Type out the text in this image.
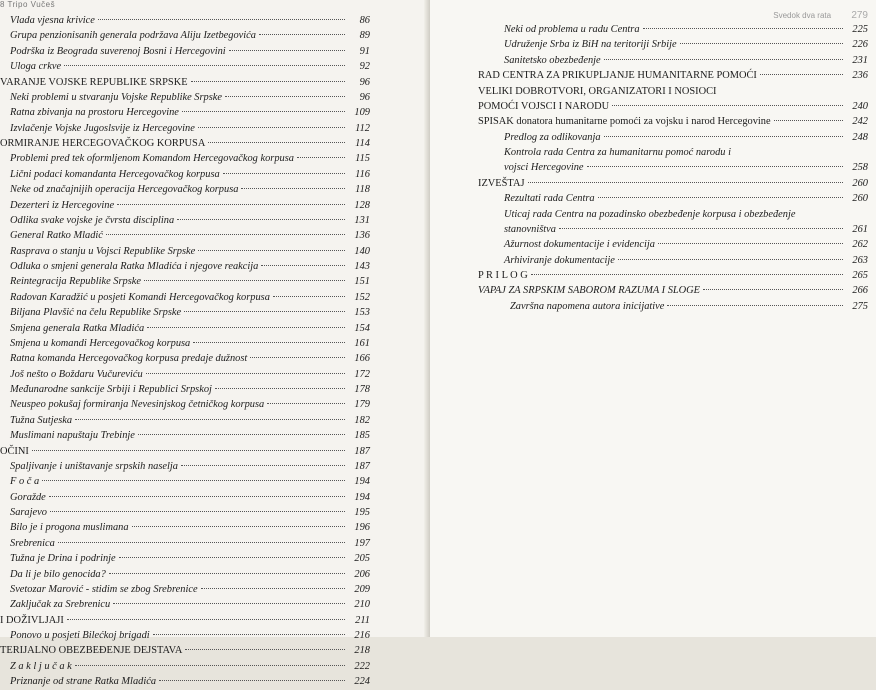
8 Tripo Vučeš
Vlada vjesna krivice	86
Grupa penzionisanih generala podržava Aliju Izetbegovića	89
Podrška iz Beograda suverenoj Bosni i Hercegovini	91
Uloga crkve	92
VARANJE VOJSKE REPUBLIKE SRPSKE	96
Neki problemi u stvaranju Vojske Republike Srpske	96
Ratna zbivanja na prostoru Hercegovine	109
Izvlačenje Vojske Jugoslsvije iz Hercegovine	112
ORMIRANJE HERCEGOVAČKOG KORPUSA	114
Problemi pred tek oformljenom Komandom Hercegovačkog korpusa	115
Lični podaci komandanta Hercegovačkog korpusa	116
Neke od značajnijih operacija Hercegovačkog korpusa	118
Dezerteri iz Hercegovine	128
Odlika svake vojske je čvrsta disciplina	131
General Ratko Mladić	136
Rasprava o stanju u Vojsci Republike Srpske	140
Odluka o smjeni generala Ratka Mladića i njegove reakcija	143
Reintegracija Republike Srpske	151
Radovan Karadžić u posjeti Komandi Hercegovačkog korpusa	152
Biljana Plavšić na čelu Republike Srpske	153
Smjena generala Ratka Mladića	154
Smjena u komandi Hercegovačkog korpusa	161
Ratna komanda Hercegovačkog korpusa predaje dužnost	166
Još nešto o Boždaru Vučureviću	172
Međunarodne sankcije Srbiji i Republici Srpskoj	178
Neuspeo pokušaj formiranja Nevesinjskog četničkog korpusa	179
Tužna Sutjeska	182
Muslimani napuštaju Trebinje	185
OČINI	187
Spaljivanje i uništavanje srpskih naselja	187
F o č a	194
Goražde	194
Sarajevo	195
Bilo je i progona muslimana	196
Srebrenica	197
Tužna je Drina i podrinje	205
Da li je bilo genocida?	206
Svetozar Marović - stidim se zbog Srebrenice	209
Zaključak za Srebrenicu	210
I DOŽIVLJAJI	211
Ponovo u posjeti Bilećkoj brigadi	216
TERIJALNO OBEZBEĐENJE DEJSTAVA	218
Z a k l j u č a k	222
Priznanje od strane Ratka Mladića	224
Svedok dva rata 279
Neki od problema u radu Centra	225
Udruženje Srba iz BiH na teritoriji Srbije	226
Sanitetsko obezbeđenje	231
RAD CENTRA ZA PRIKUPLJANJE HUMANITARNE POMOĆI	236
VELIKI DOBROTVORI, ORGANIZATORI I NOSIOCI
POMOĆI VOJSCI I NARODU	240
SPISAK donatora humanitarne pomoći za vojsku i narod Hercegovine	242
Predlog za odlikovanja	248
Kontrola rada Centra za humanitarnu pomoć narodu i
vojsci Hercegovine	258
IZVEŠTAJ	260
Rezultati rada Centra	260
Uticaj rada Centra na pozadinsko obezbeđenje korpusa i obezbeđenje
stanovništva	261
Ažurnost dokumentacije i evidencija	262
Arhiviranje dokumentacije	263
P R I L O G	265
VAPAJ ZA SRPSKIM SABOROM RAZUMA I SLOGE	266
Završna napomena autora inicijative	275
